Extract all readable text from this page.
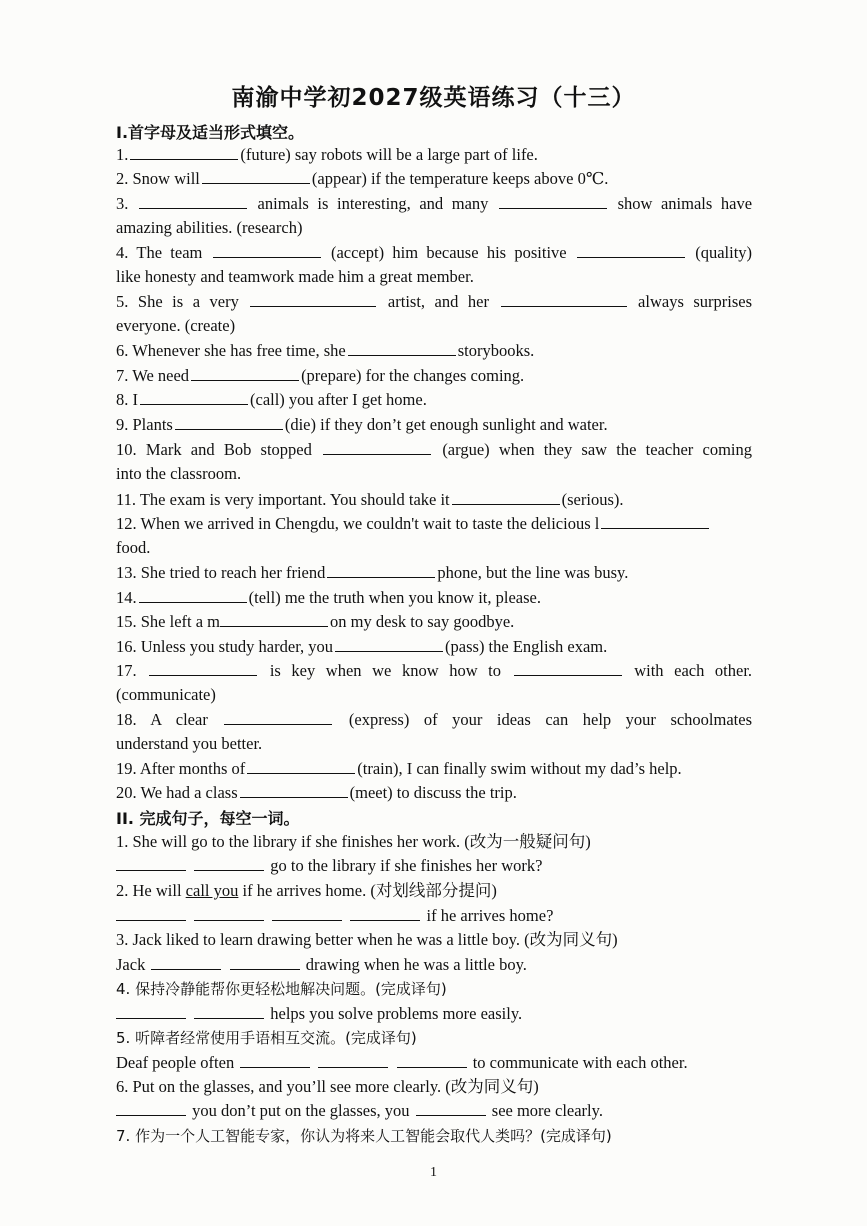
南渝中学初2027级英语练习（十三）
I.首字母及适当形式填空。
1.	(future) say robots will be a large part of life.
2. Snow will	(appear) if the temperature keeps above 0℃.
3.	animals is interesting, and many	show animals have
amazing abilities. (research)
4. The team	(accept) him because his positive	(quality)
like honesty and teamwork made him a great member.
5. She is a very	artist, and her	always surprises
everyone. (create)
6. Whenever she has free time, she	storybooks.
7. We need	(prepare) for the changes coming.
8. I	(call) you after I get home.
9. Plants	(die) if they don’t get enough sunlight and water.
10. Mark and Bob stopped	(argue) when they saw the teacher coming
into the classroom.
11. The exam is very important. You should take it	(serious).
12. When we arrived in Chengdu, we couldn't wait to taste the delicious l
food.
13. She tried to reach her friend	phone, but the line was busy.
14.	(tell) me the truth when you know it, please.
15. She left a m	on my desk to say goodbye.
16. Unless you study harder, you	(pass) the English exam.
17.	is key when we know how to	with each other.
(communicate)
18. A clear	(express) of your ideas can help your schoolmates
understand you better.
19. After months of	(train), I can finally swim without my dad’s help.
20. We had a class	(meet) to discuss the trip.
II. 完成句子，每空一词。
1. She will go to the library if she finishes her work. (改为一般疑问句)
go to the library if she finishes her work?
2. He will call you if he arrives home. (对划线部分提问)
if he arrives home?
3. Jack liked to learn drawing better when he was a little boy. (改为同义句)
Jack	drawing when he was a little boy.
4. 保持冷静能帮你更轻松地解决问题。(完成译句)
helps you solve problems more easily.
5. 听障者经常使用手语相互交流。(完成译句)
Deaf people often	to communicate with each other.
6. Put on the glasses, and you’ll see more clearly. (改为同义句)
you don’t put on the glasses, you	see more clearly.
7. 作为一个人工智能专家，你认为将来人工智能会取代人类吗？(完成译句)
1
